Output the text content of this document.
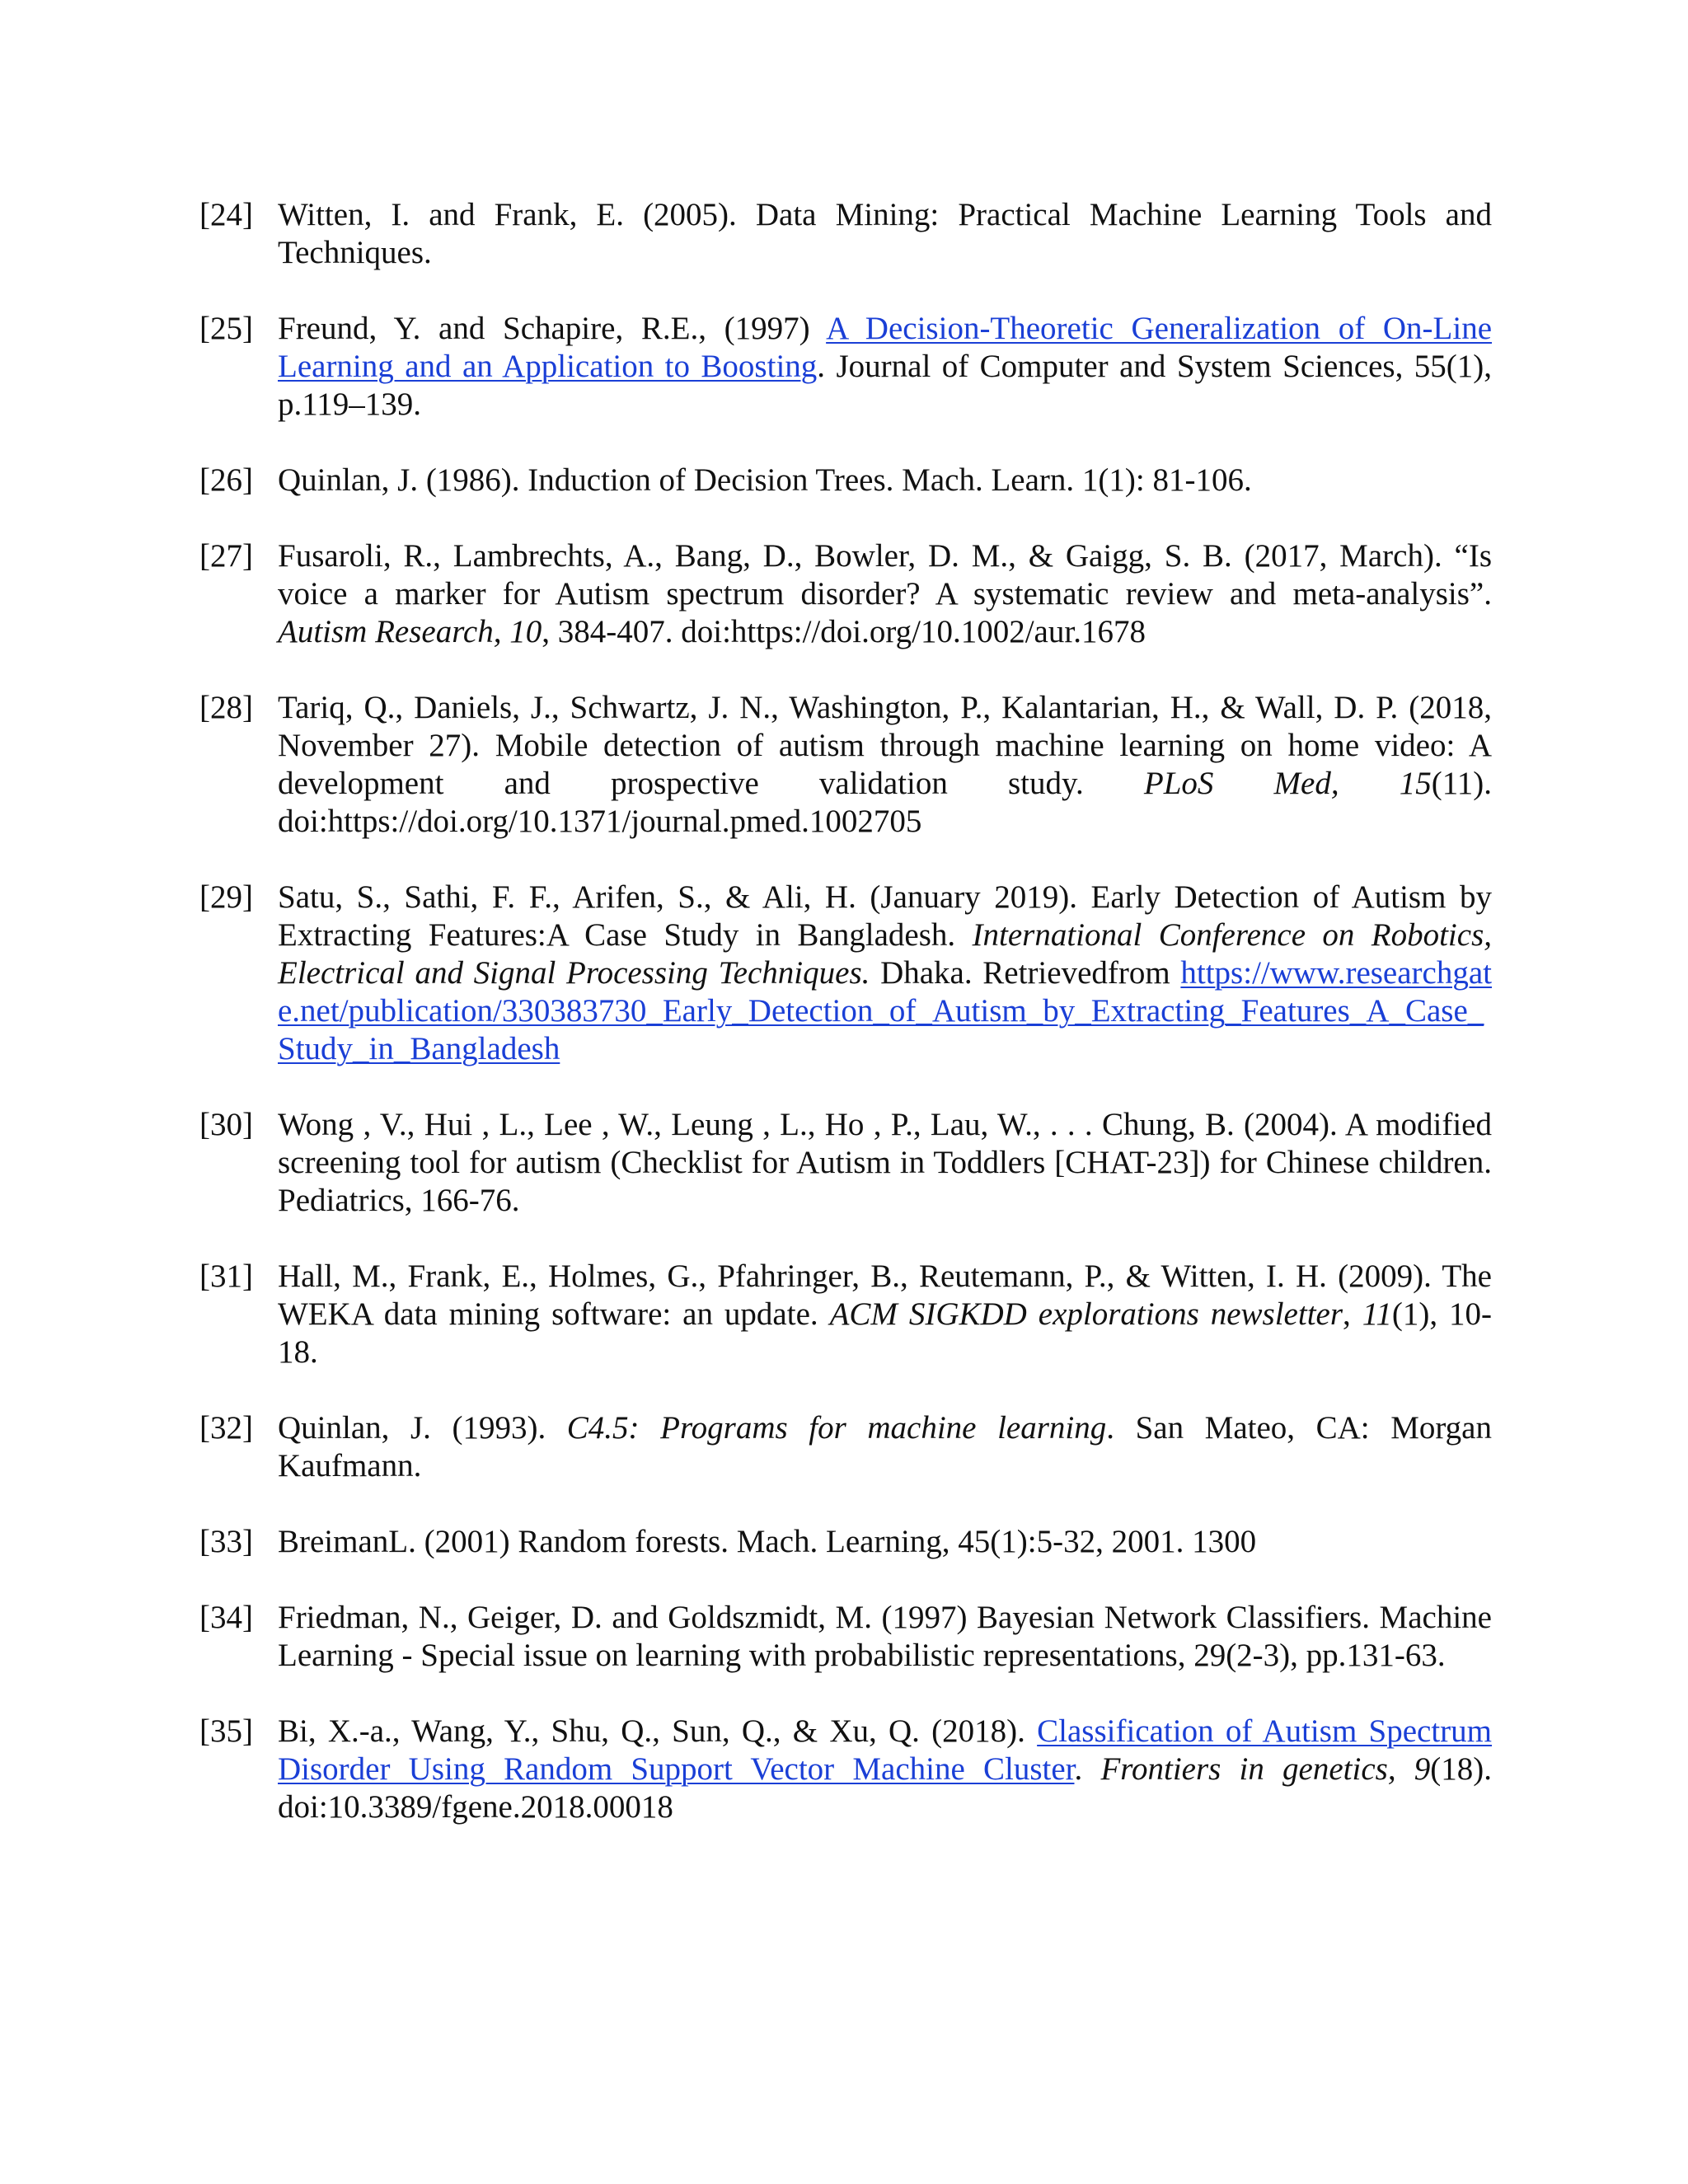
[24] Witten, I. and Frank, E. (2005). Data Mining: Practical Machine Learning Tools and Techniques.
[25] Freund, Y. and Schapire, R.E., (1997) A Decision-Theoretic Generalization of On-Line Learning and an Application to Boosting. Journal of Computer and System Sciences, 55(1), p.119–139.
[26] Quinlan, J. (1986). Induction of Decision Trees. Mach. Learn. 1(1): 81-106.
[27] Fusaroli, R., Lambrechts, A., Bang, D., Bowler, D. M., & Gaigg, S. B. (2017, March). “Is voice a marker for Autism spectrum disorder? A systematic review and meta-analysis”. Autism Research, 10, 384-407. doi:https://doi.org/10.1002/aur.1678
[28] Tariq, Q., Daniels, J., Schwartz, J. N., Washington, P., Kalantarian, H., & Wall, D. P. (2018, November 27). Mobile detection of autism through machine learning on home video: A development and prospective validation study. PLoS Med, 15(11). doi:https://doi.org/10.1371/journal.pmed.1002705
[29] Satu, S., Sathi, F. F., Arifen, S., & Ali, H. (January 2019). Early Detection of Autism by Extracting Features:A Case Study in Bangladesh. International Conference on Robotics, Electrical and Signal Processing Techniques. Dhaka. Retrievedfrom https://www.researchgate.net/publication/330383730_Early_Detection_of_Autism_by_Extracting_Features_A_Case_Study_in_Bangladesh
[30] Wong , V., Hui , L., Lee , W., Leung , L., Ho , P., Lau, W., . . . Chung, B. (2004). A modified screening tool for autism (Checklist for Autism in Toddlers [CHAT-23]) for Chinese children. Pediatrics, 166-76.
[31] Hall, M., Frank, E., Holmes, G., Pfahringer, B., Reutemann, P., & Witten, I. H. (2009). The WEKA data mining software: an update. ACM SIGKDD explorations newsletter, 11(1), 10-18.
[32] Quinlan, J. (1993). C4.5: Programs for machine learning. San Mateo, CA: Morgan Kaufmann.
[33] BreimanL. (2001) Random forests. Mach. Learning, 45(1):5-32, 2001. 1300
[34] Friedman, N., Geiger, D. and Goldszmidt, M. (1997) Bayesian Network Classifiers. Machine Learning - Special issue on learning with probabilistic representations, 29(2-3), pp.131-63.
[35] Bi, X.-a., Wang, Y., Shu, Q., Sun, Q., & Xu, Q. (2018). Classification of Autism Spectrum Disorder Using Random Support Vector Machine Cluster. Frontiers in genetics, 9(18). doi:10.3389/fgene.2018.00018
